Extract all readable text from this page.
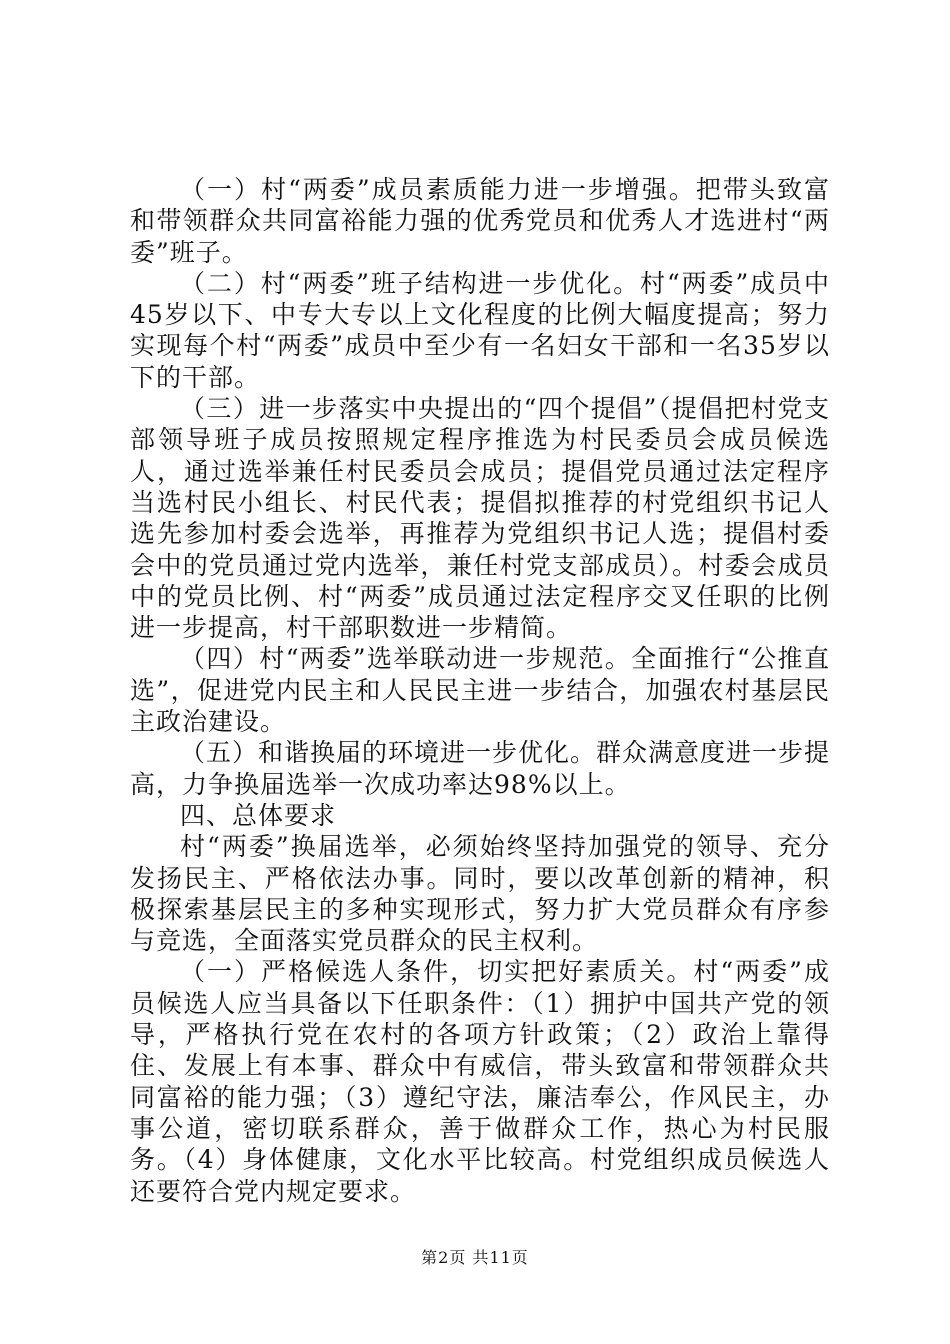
（一）村“两委”成员素质能力进一步增强。把带头致富和带领群众共同富裕能力强的优秀党员和优秀人才选进村“两委”班子。

（二）村“两委”班子结构进一步优化。村“两委”成员中45岁以下、中专大专以上文化程度的比例大幅度提高；努力实现每个村“两委”成员中至少有一名妇女干部和一名35岁以下的干部。

（三）进一步落实中央提出的“四个提倡”（提倡把村党支部领导班子成员按照规定程序推选为村民委员会成员候选人，通过选举兼任村民委员会成员；提倡党员通过法定程序当选村民小组长、村民代表；提倡拟推荐的村党组织书记人选先参加村委会选举，再推荐为党组织书记人选；提倡村委会中的党员通过党内选举，兼任村党支部成员）。村委会成员中的党员比例、村“两委”成员通过法定程序交叉任职的比例进一步提高，村干部职数进一步精简。

（四）村“两委”选举联动进一步规范。全面推行“公推直选”，促进党内民主和人民民主进一步结合，加强农村基层民主政治建设。

（五）和谐换届的环境进一步优化。群众满意度进一步提高，力争换届选举一次成功率达98%以上。

四、总体要求

村“两委”换届选举，必须始终坚持加强党的领导、充分发扬民主、严格依法办事。同时，要以改革创新的精神，积极探索基层民主的多种实现形式，努力扩大党员群众有序参与竞选，全面落实党员群众的民主权利。

（一）严格候选人条件，切实把好素质关。村“两委”成员候选人应当具备以下任职条件：（1）拥护中国共产党的领导，严格执行党在农村的各项方针政策；（2）政治上靠得住、发展上有本事、群众中有威信，带头致富和带领群众共同富裕的能力强；（3）遵纪守法，廉洁奉公，作风民主，办事公道，密切联系群众，善于做群众工作，热心为村民服务。（4）身体健康，文化水平比较高。村党组织成员候选人还要符合党内规定要求。

第2页 共11页
